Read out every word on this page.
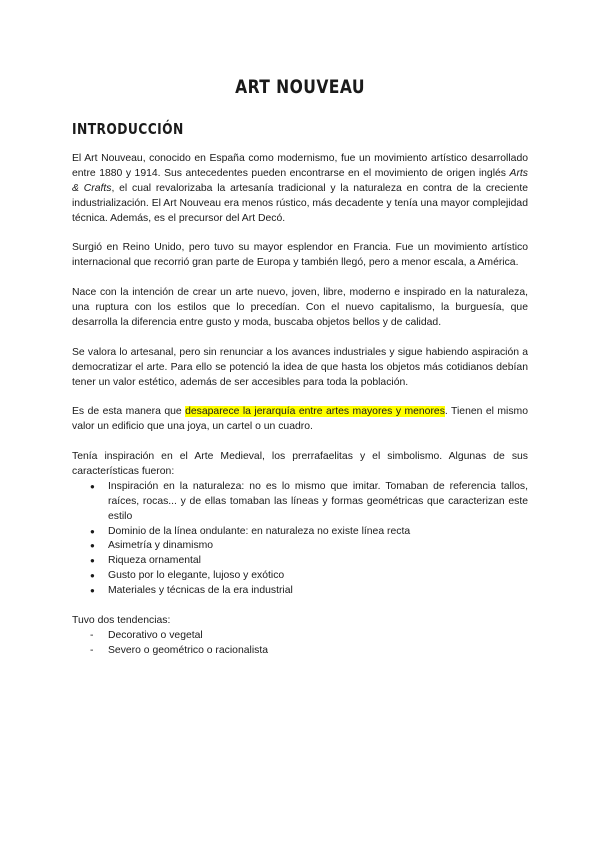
ART NOUVEAU
INTRODUCCIÓN

El Art Nouveau, conocido en España como modernismo, fue un movimiento artístico desarrollado entre 1880 y 1914. Sus antecedentes pueden encontrarse en el movimiento de origen inglés Arts & Crafts, el cual revalorizaba la artesanía tradicional y la naturaleza en contra de la creciente industrialización. El Art Nouveau era menos rústico, más decadente y tenía una mayor complejidad técnica. Además, es el precursor del Art Decó.

Surgió en Reino Unido, pero tuvo su mayor esplendor en Francia. Fue un movimiento artístico internacional que recorrió gran parte de Europa y también llegó, pero a menor escala, a América.

Nace con la intención de crear un arte nuevo, joven, libre, moderno e inspirado en la naturaleza, una ruptura con los estilos que lo precedían. Con el nuevo capitalismo, la burguesía, que desarrolla la diferencia entre gusto y moda, buscaba objetos bellos y de calidad.

Se valora lo artesanal, pero sin renunciar a los avances industriales y sigue habiendo aspiración a democratizar el arte. Para ello se potenció la idea de que hasta los objetos más cotidianos debían tener un valor estético, además de ser accesibles para toda la población.

Es de esta manera que desaparece la jerarquía entre artes mayores y menores. Tienen el mismo valor un edificio que una joya, un cartel o un cuadro.

Tenía inspiración en el Arte Medieval, los prerrafaelitas y el simbolismo. Algunas de sus características fueron:

● Inspiración en la naturaleza: no es lo mismo que imitar. Tomaban de referencia tallos, raíces, rocas... y de ellas tomaban las líneas y formas geométricas que caracterizan este estilo
● Dominio de la línea ondulante: en naturaleza no existe línea recta
● Asimetría y dinamismo
● Riqueza ornamental
● Gusto por lo elegante, lujoso y exótico
● Materiales y técnicas de la era industrial

Tuvo dos tendencias:

- Decorativo o vegetal
- Severo o geométrico o racionalista
